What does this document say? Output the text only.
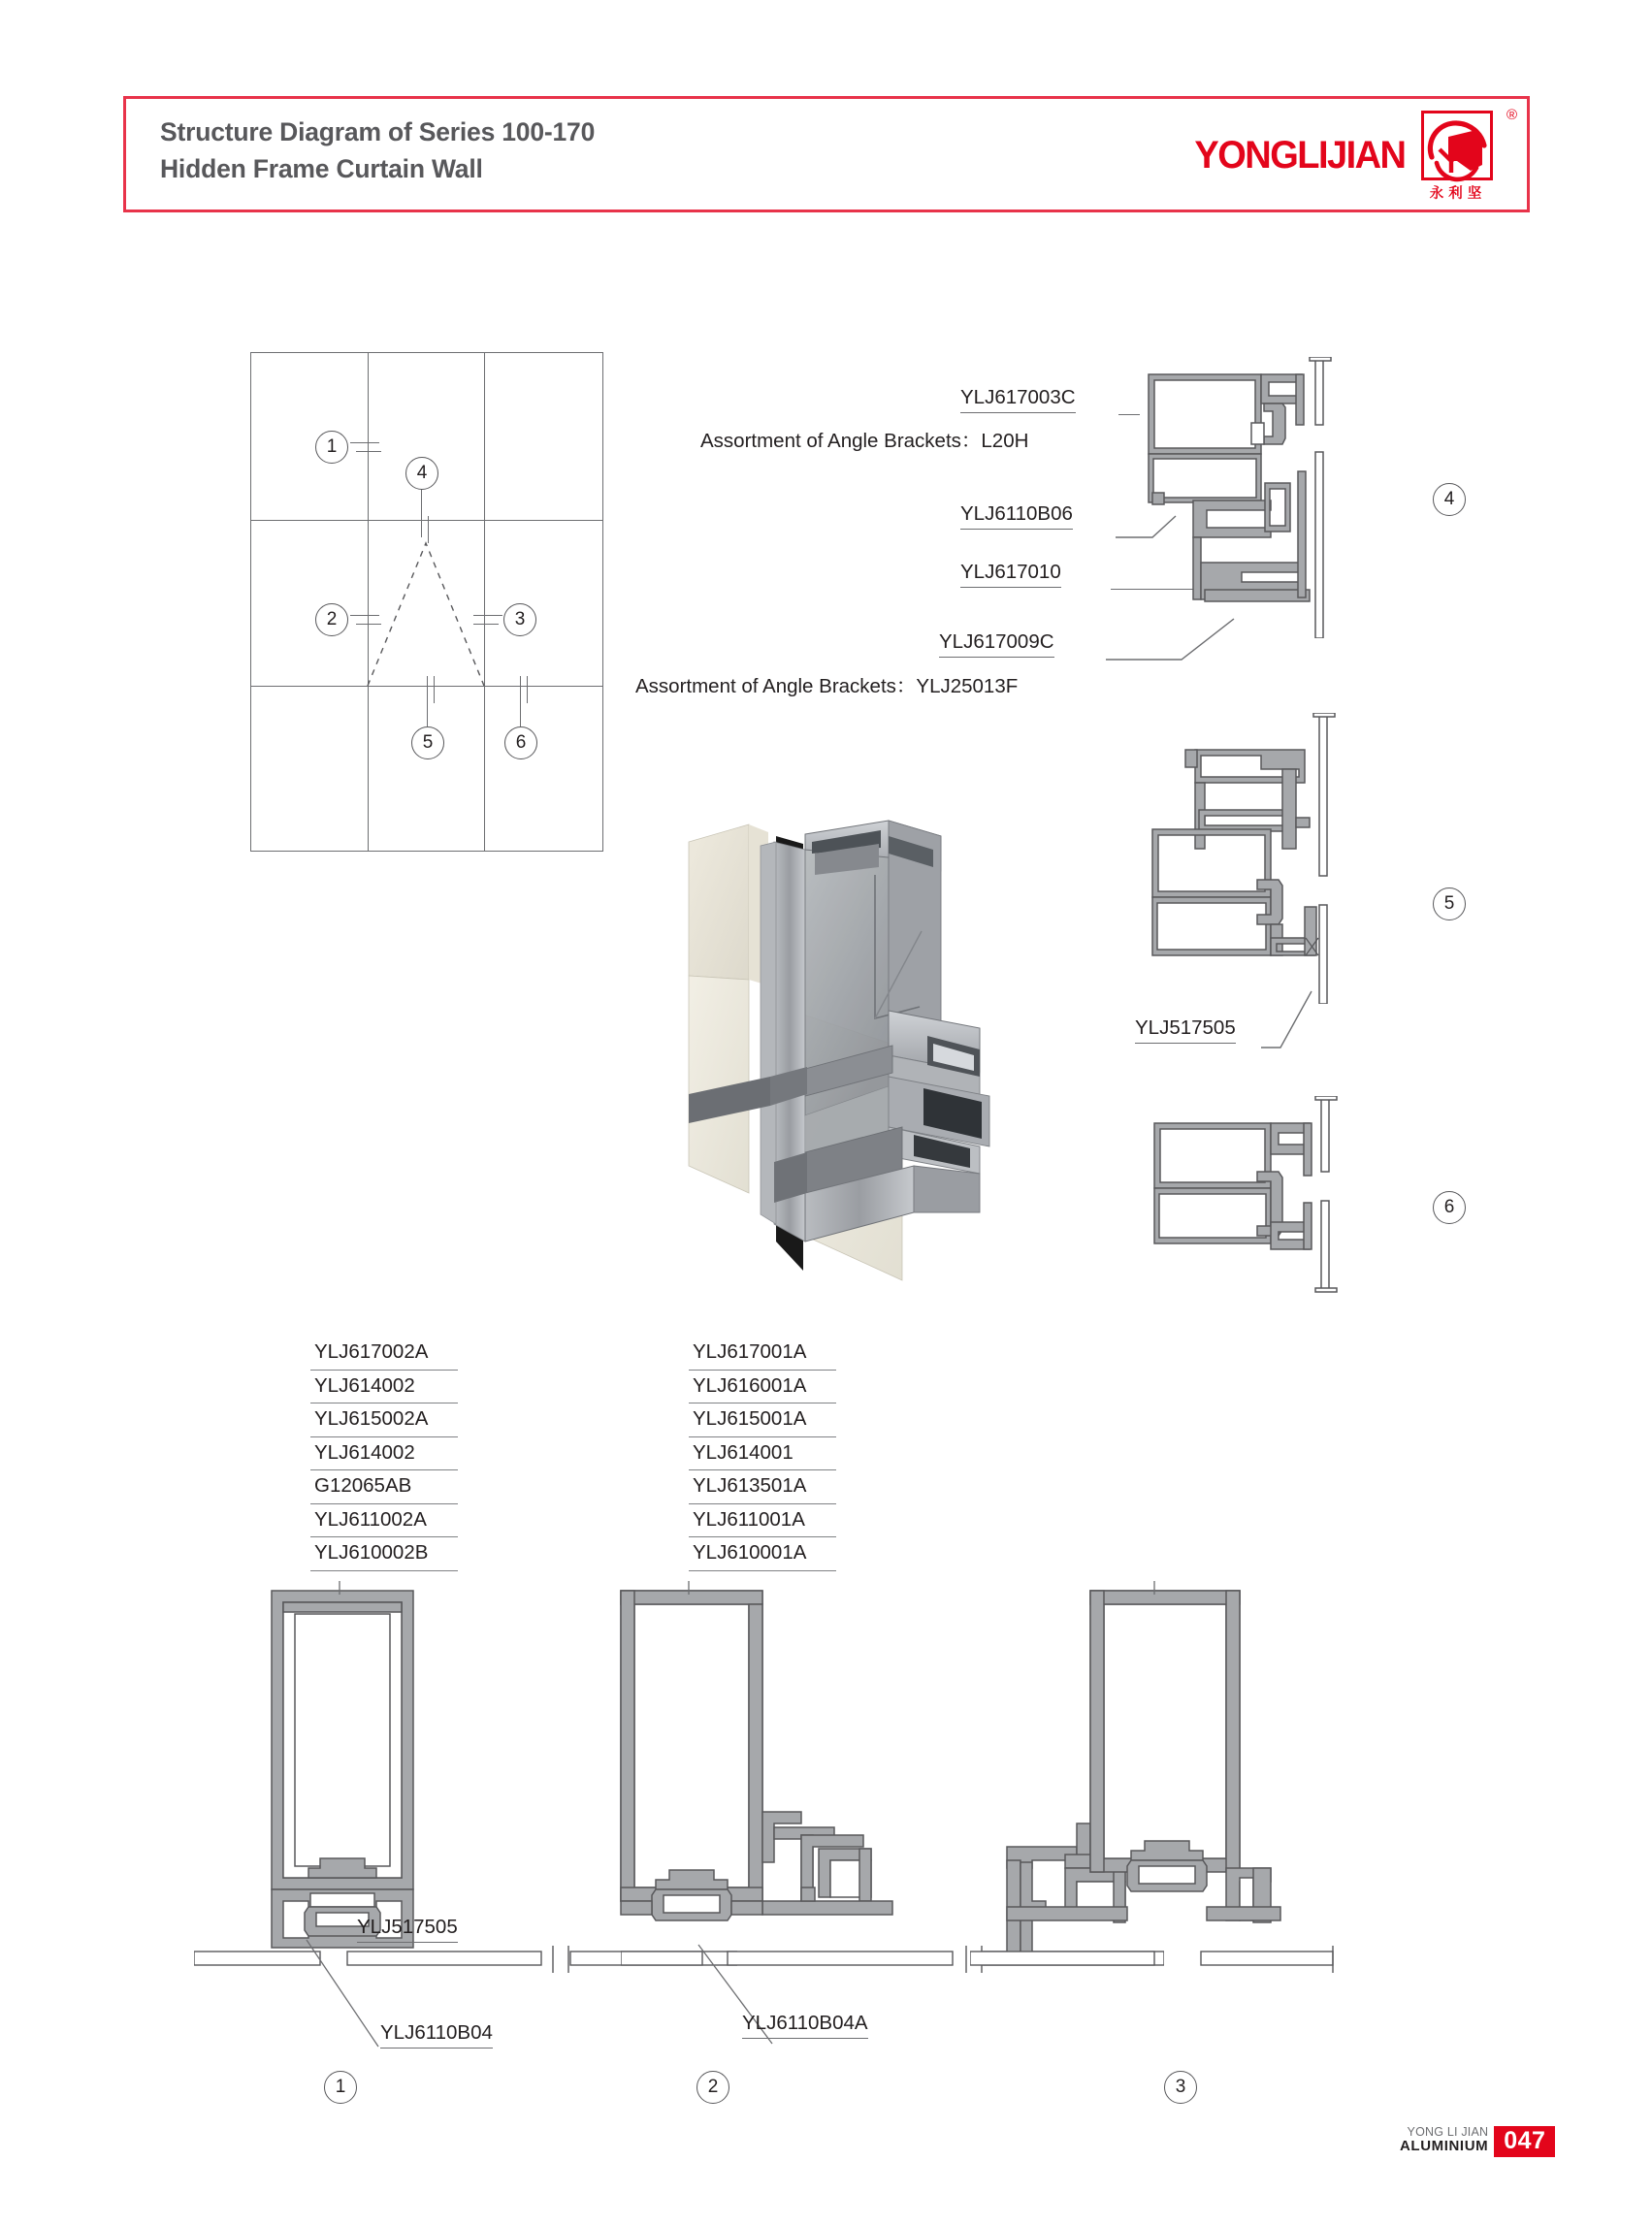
Structure Diagram of Series 100-170
Hidden Frame Curtain Wall	YONGLIJIAN
®
永利坚
1
2	3
4
5	6
YLJ617003C
Assortment of Angle Brackets：L20H
YLJ6110B06
YLJ617010
YLJ617009C
Assortment of Angle Brackets：YLJ25013F
4
5
YLJ517505
6
YLJ617002A
YLJ614002
YLJ615002A
YLJ614002
G12065AB
YLJ611002A
YLJ610002B
YLJ617001A
YLJ616001A
YLJ615001A
YLJ614001
YLJ613501A
YLJ611001A
YLJ610001A
YLJ517505
YLJ6110B04
1
YLJ6110B04A
2	3
YONG LI JIAN
ALUMINIUM 047
